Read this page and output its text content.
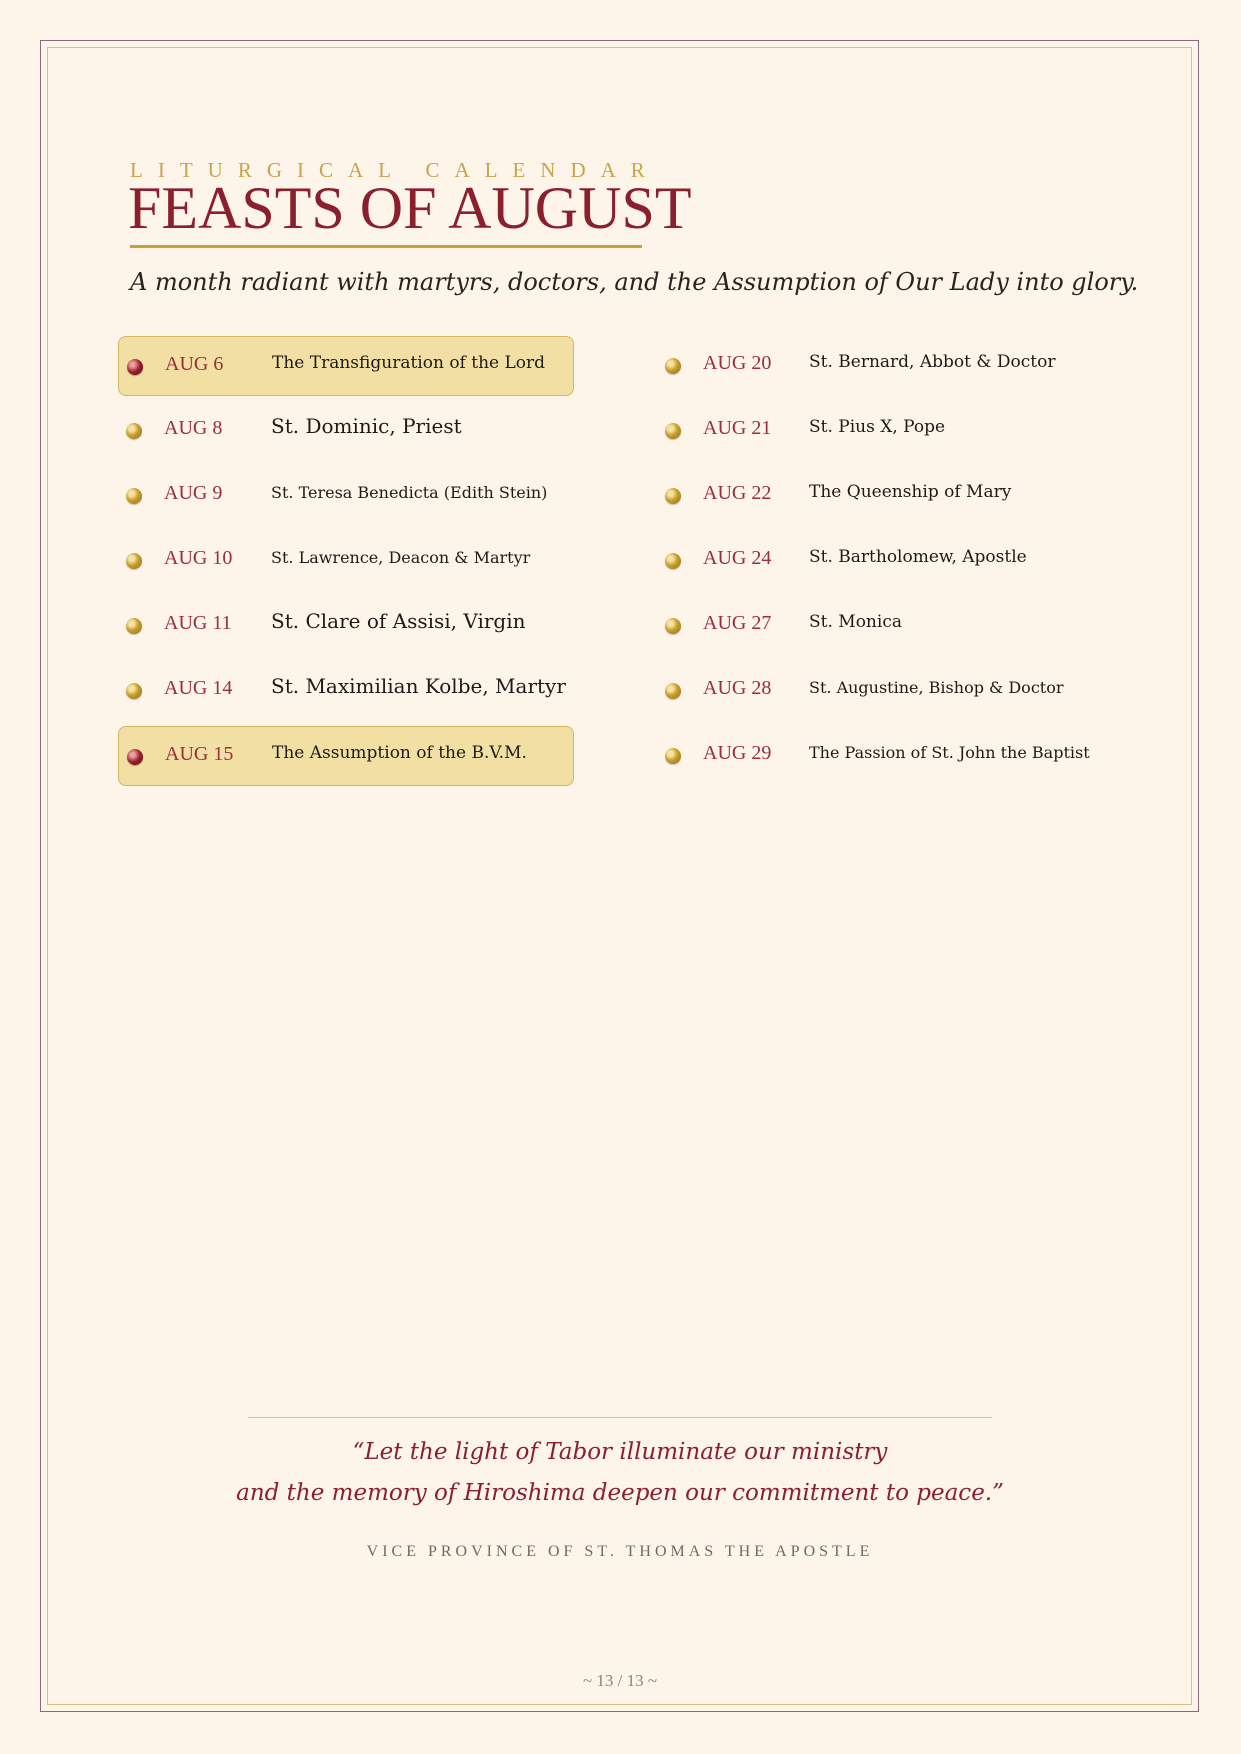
LITURGICAL CALENDAR
FEASTS OF AUGUST
A month radiant with martyrs, doctors, and the Assumption of Our Lady into glory.
AUG 6	The Transfiguration of the Lord
AUG 8 St. Dominic, Priest
AUG 9	St. Teresa Benedicta (Edith Stein)
AUG 10 St. Lawrence, Deacon & Martyr
AUG 11 St. Clare of Assisi, Virgin
AUG 14 St. Maximilian Kolbe, Martyr
AUG 15 The Assumption of the B.V.M.
AUG 20 St. Bernard, Abbot & Doctor
AUG 21 St. Pius X, Pope
AUG 22 The Queenship of Mary
AUG 24 St. Bartholomew, Apostle
AUG 27 St. Monica
AUG 28 St. Augustine, Bishop & Doctor
AUG 29 The Passion of St. John the Baptist
“Let the light of Tabor illuminate our ministry
and the memory of Hiroshima deepen our commitment to peace.”
VICE PROVINCE OF ST. THOMAS THE APOSTLE
~ 13 / 13 ~
